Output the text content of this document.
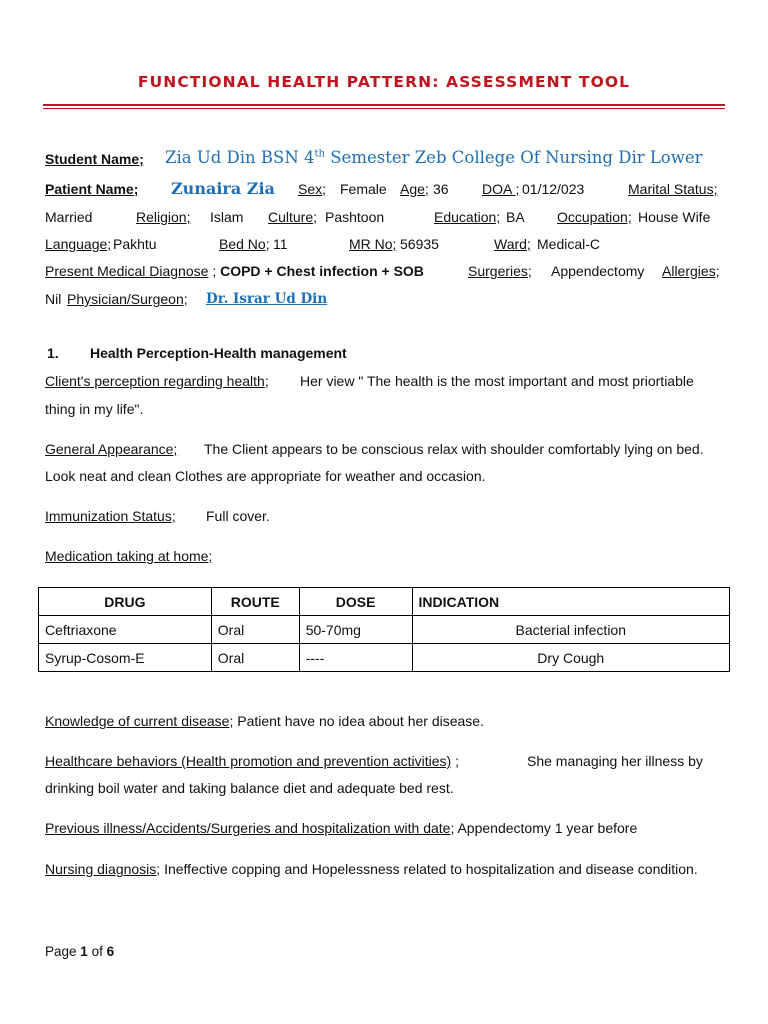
FUNCTIONAL HEALTH PATTERN: ASSESSMENT TOOL
Student Name; Zia Ud Din BSN 4th Semester Zeb College Of Nursing Dir Lower
Patient Name; Zunaira Zia Sex; Female Age; 36 DOA ; 01/12/023	Marital Status;
Married	Religion; Islam Culture; Pashtoon	Education; BA Occupation; House Wife
Language; Pakhtu	Bed No; 11	MR No; 56935	Ward; Medical-C
Present Medical Diagnose ; COPD + Chest infection + SOB	Surgeries; Appendectomy Allergies;
Nil Physician/Surgeon; Dr. Israr Ud Din
1. Health Perception-Health management
Client's perception regarding health; Her view " The health is the most important and most priortiable
thing in my life".
General Appearance; The Client appears to be conscious relax with shoulder comfortably lying on bed.
Look neat and clean Clothes are appropriate for weather and occasion.
Immunization Status; Full cover.
Medication taking at home;
DRUG	ROUTE	DOSE	INDICATION
Ceftriaxone	Oral	50-70mg	Bacterial infection
Syrup-Cosom-E	Oral	----	Dry Cough
Knowledge of current disease; Patient have no idea about her disease.
Healthcare behaviors (Health promotion and prevention activities) ;	She managing her illness by
drinking boil water and taking balance diet and adequate bed rest.
Previous illness/Accidents/Surgeries and hospitalization with date; Appendectomy 1 year before
Nursing diagnosis; Ineffective copping and Hopelessness related to hospitalization and disease condition.
Page 1 of 6
